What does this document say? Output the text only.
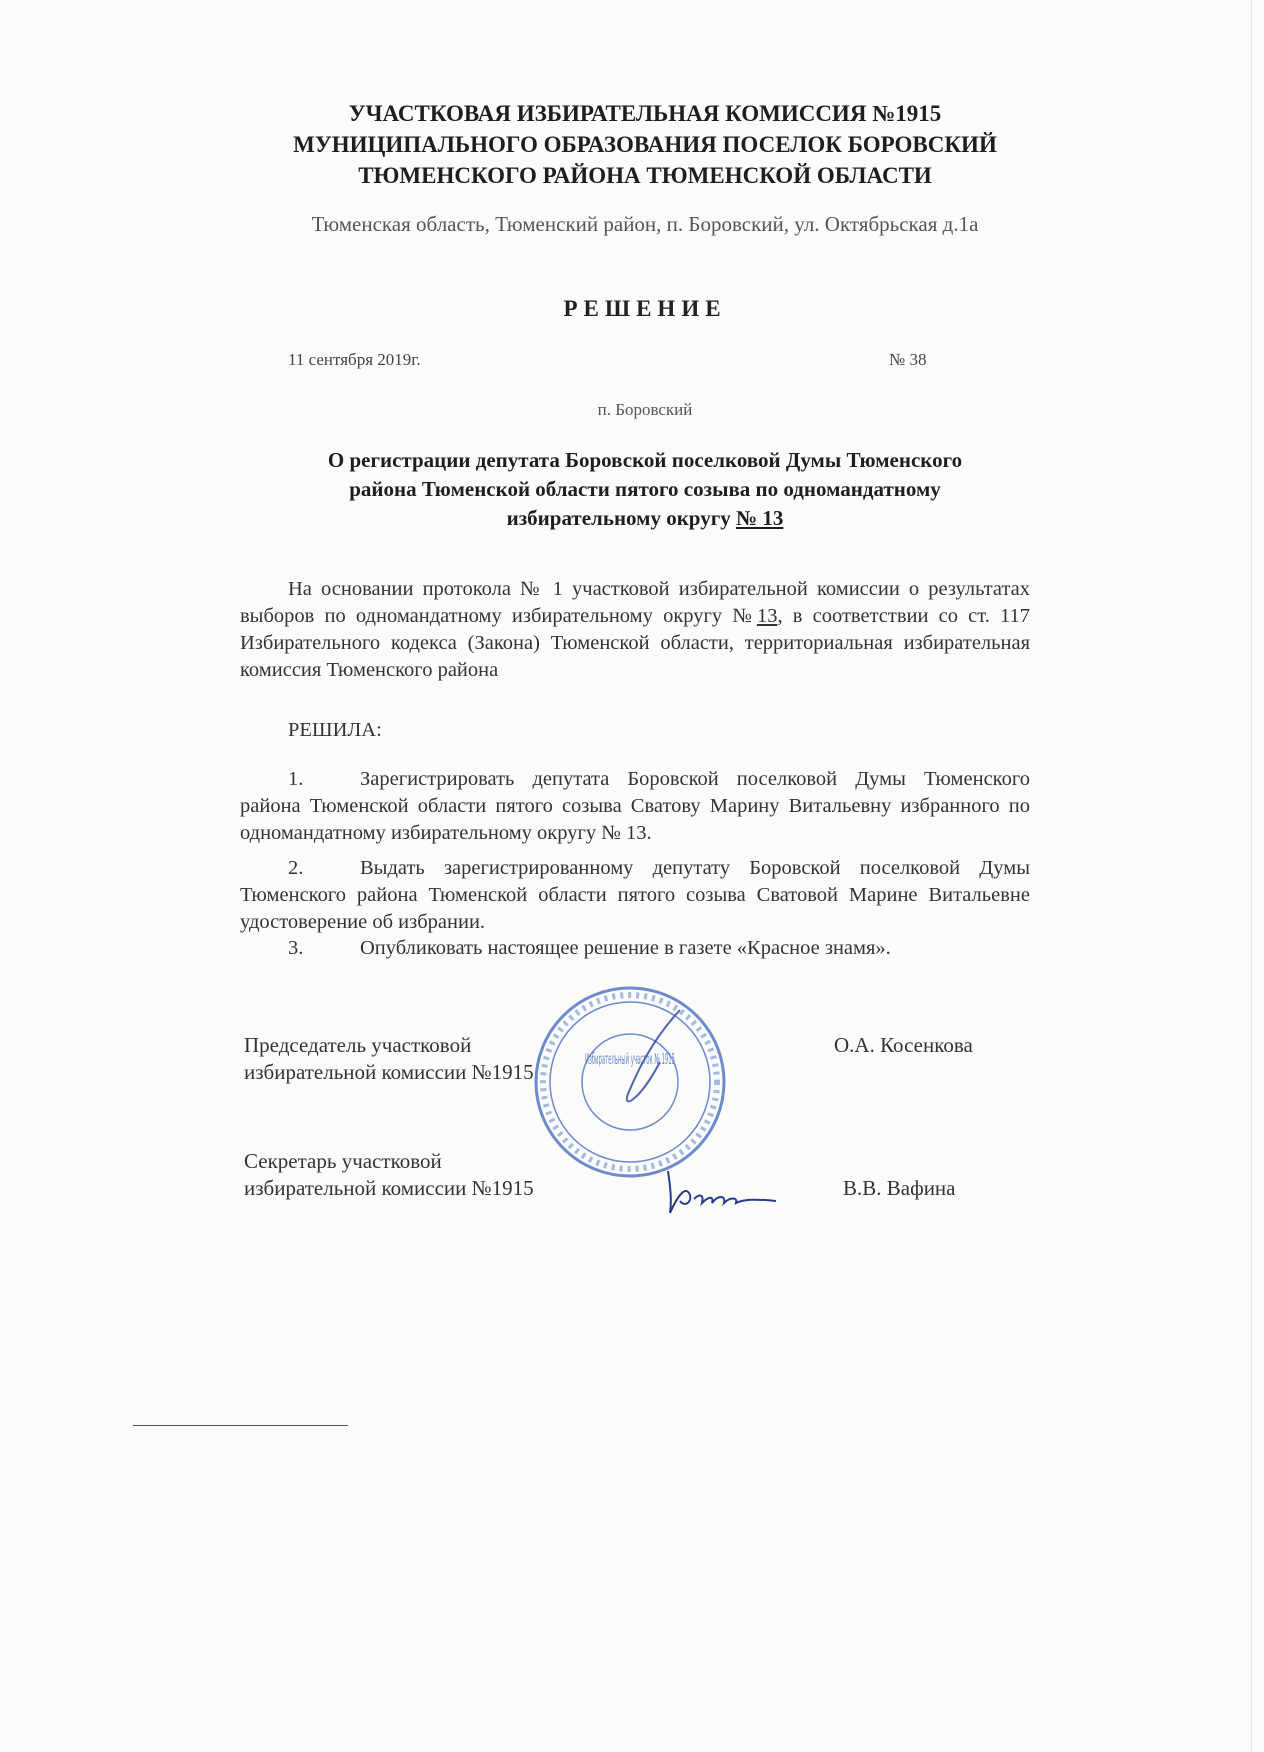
УЧАСТКОВАЯ ИЗБИРАТЕЛЬНАЯ КОМИССИЯ №1915
МУНИЦИПАЛЬНОГО ОБРАЗОВАНИЯ ПОСЕЛОК БОРОВСКИЙ
ТЮМЕНСКОГО РАЙОНА ТЮМЕНСКОЙ ОБЛАСТИ
Тюменская область, Тюменский район, п. Боровский, ул. Октябрьская д.1а
РЕШЕНИЕ
11 сентября 2019г.	№ 38
п. Боровский
О регистрации депутата Боровской поселковой Думы Тюменского
района Тюменской области пятого созыва по одномандатному
избирательному округу № 13
На основании протокола № 1 участковой избирательной комиссии о результатах выборов по одномандатному избирательному округу №13, в соответствии со ст. 117 Избирательного кодекса (Закона) Тюменской области, территориальная избирательная комиссия Тюменского района
РЕШИЛА:
1.	Зарегистрировать депутата Боровской поселковой Думы Тюменского района Тюменской области пятого созыва Сватову Марину Витальевну избранного по одномандатному избирательному округу № 13.
2.	Выдать зарегистрированному депутату Боровской поселковой Думы Тюменского района Тюменской области пятого созыва Сватовой Марине Витальевне удостоверение об избрании.
3.	Опубликовать настоящее решение в газете «Красное знамя».
Избирательный участок № 1915
Председатель участковой
избирательной комиссии №1915
О.А. Косенкова
Секретарь участковой
избирательной комиссии №1915	В.В. Вафина
